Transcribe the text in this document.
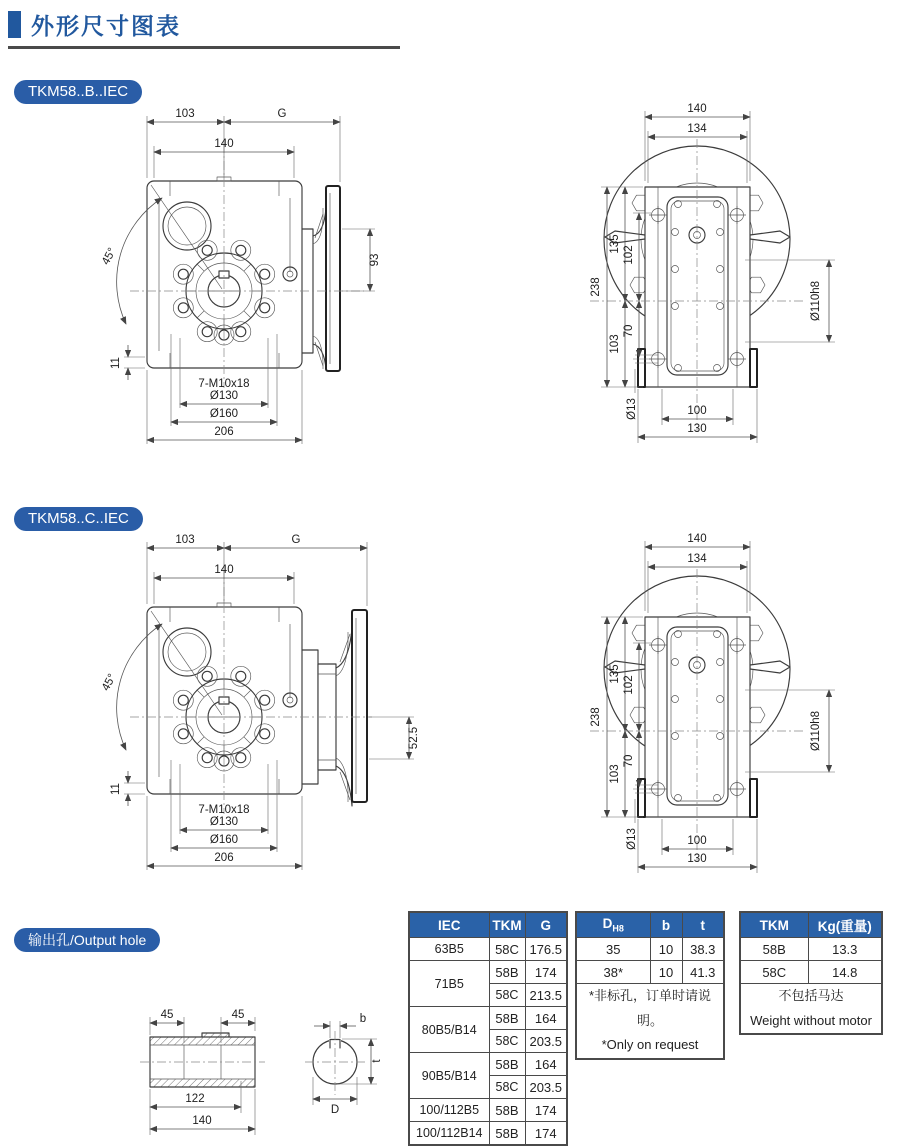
外形尺寸图表
TKM58..B..IEC
TKM58..C..IEC
输出孔/Output hole
45°
103	G
140
93
11
7-M10x18
Ø130
Ø160
206
140
134
238
135
103
102
70
Ø110h8
Ø13	100
130
45°
103	G
140
52.5
11
7-M10x18
Ø130
Ø160
206
140
134
238
135
103
102
70
Ø110h8
Ø13	100
130
45	45
122
140
b
t
D
IEC	TKM	G
63B5	58C	176.5
71B5	58B	174
	58C	213.5
80B5/B14	58B	164
	58C	203.5
90B5/B14	58B	164
	58C	203.5
100/112B5	58B	174
100/112B14	58B	174
$D_{H8}$	b	t
35	10	38.3
38*	10	41.3

*非标孔，订单时请说明。
*Only on request		
TKM	Kg(重量)
58B	13.3
58C	14.8

不包括马达
Weight without motor	
